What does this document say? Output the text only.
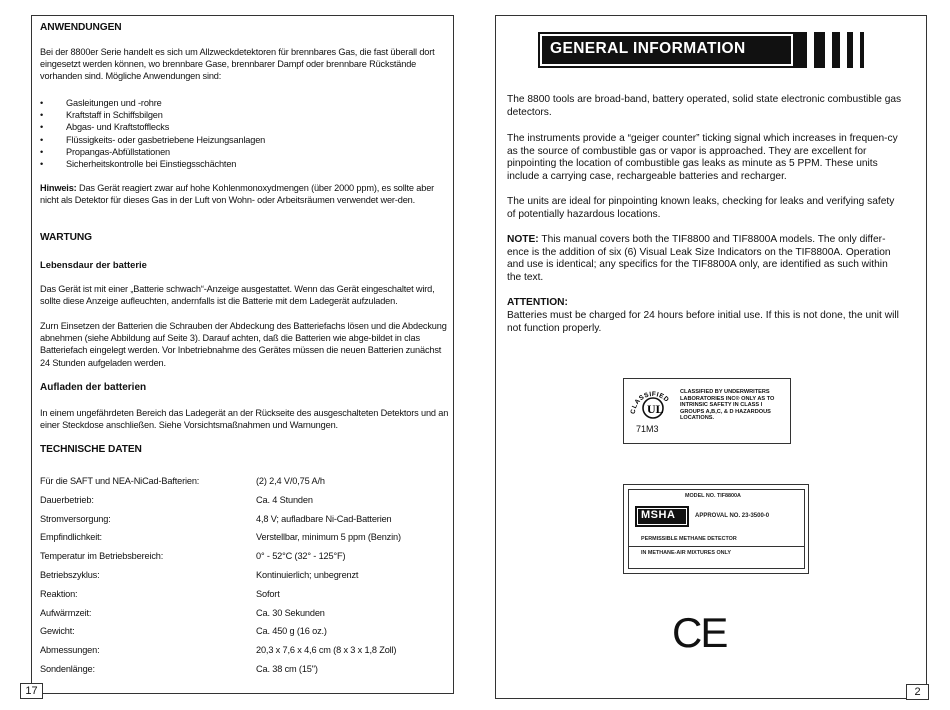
ANWENDUNGEN
Bei der 8800er Serie handelt es sich um Allzweckdetektoren für brennbares Gas, die fast überall dort eingesetzt werden können, wo brennbare Gase, brennbarer Dampf oder brennbare Rückstände vorhanden sind. Mögliche Anwendungen sind:
• Gasleitungen und -rohre
• Kraftstaff in Schiffsbilgen
• Abgas- und Kraftstofflecks
• Flüssigkeits- oder gasbetriebene Heizungsanlagen
• Propangas-Abfüllstationen
• Sicherheitskontrolle bei Einstiegsschächten
Hinweis: Das Gerät reagiert zwar auf hohe Kohlenmonoxydmengen (über 2000 ppm), es sollte aber nicht als Detektor für dieses Gas in der Luft von Wohn- oder Arbeitsräumen verwendet wer-den.
WARTUNG
Lebensdaur der batterie
Das Gerät ist mit einer „Batterie schwach“-Anzeige ausgestattet. Wenn das Gerät eingeschaltet wird, sollte diese Anzeige aufleuchten, andernfalls ist die Batterie mit dem Ladegerät aufzuladen.
Zurn Einsetzen der Batterien die Schrauben der Abdeckung des Batteriefachs lösen und die Abdeckung abnehmen (siehe Abbildung auf Seite 3). Darauf achten, daß die Batterien wie abge-bildet in clas Batteriefach eingelegt werden. Vor Inbetriebnahme des Gerätes müssen die neuen Batterien zunächst 24 Stunden aufgeladen werden.
Aufladen der batterien
In einem ungefährdeten Bereich das Ladegerät an der Rückseite des ausgeschalteten Detektors und an einer Steckdose anschließen. Siehe Vorsichtsmaßnahmen und Warnungen.
TECHNISCHE DATEN
Für die SAFT und NEA-NiCad-Bafterien:	(2) 2,4 V/0,75 A/h
Dauerbetrieb:	Ca. 4 Stunden
Stromversorgung:	4,8 V; aufladbare Ni-Cad-Batterien
Empfindlichkeit:	Verstellbar, minimum 5 ppm (Benzin)
Temperatur im Betriebsbereich:	0° - 52°C (32° - 125°F)
Betriebszyklus:	Kontinuierlich; unbegrenzt
Reaktion:	Sofort
Aufwärmzeit:	Ca. 30 Sekunden
Gewicht:	Ca. 450 g (16 oz.)
Abmessungen:	20,3 x 7,6 x 4,6 cm (8 x 3 x 1,8 Zoll)
Sondenlänge:	Ca. 38 cm (15")
17
GENERAL INFORMATION
The 8800 tools are broad-band, battery operated, solid state electronic combustible gas detectors.
The instruments provide a “geiger counter” ticking signal which increases in frequen-cy as the source of combustible gas or vapor is approached. They are excellent for pinpointing the location of combustible gas leaks as minute as 5 PPM. These units include a carrying case, rechargeable batteries and recharger.
The units are ideal for pinpointing known leaks, checking for leaks and verifying safety of potentially hazardous locations.
NOTE: This manual covers both the TIF8800 and TIF8800A models. The only differ-ence is the addition of six (6) Visual Leak Size Indicators on the TIF8800A. Operation and use is identical; any specifics for the TIF8800A only, are identified as such within the text.
ATTENTION:
Batteries must be charged for 24 hours before initial use. If this is not done, the unit will not function properly.
CLASSIFIED
UL
71M3
CLASSIFIED BY UNDERWRITERS LABORATORIES INC® ONLY AS TO INTRINSIC SAFETY IN CLASS I GROUPS A,B,C, & D HAZARDOUS LOCATIONS.
MODEL NO. TIF8800A
MSHA	APPROVAL NO. 23-3500-0
PERMISSIBLE METHANE DETECTOR
IN METHANE-AIR MIXTURES ONLY
CE
2
